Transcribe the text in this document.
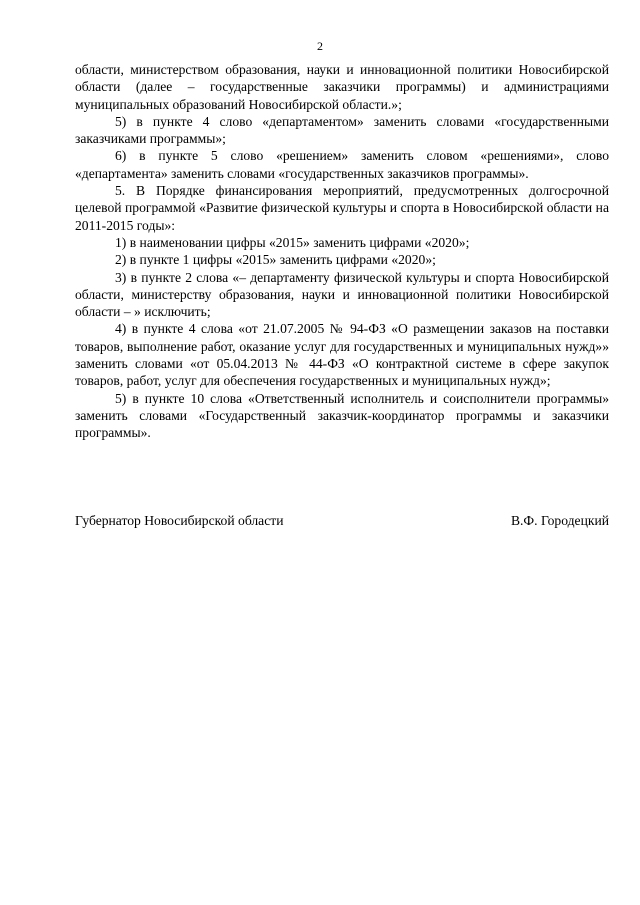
2

области, министерством образования, науки и инновационной политики Новосибирской области (далее – государственные заказчики программы) и администрациями муниципальных образований Новосибирской области.»;

5) в пункте 4 слово «департаментом» заменить словами «государственными заказчиками программы»;

6) в пункте 5 слово «решением» заменить словом «решениями», слово «департамента» заменить словами «государственных заказчиков программы».

5. В Порядке финансирования мероприятий, предусмотренных долгосрочной целевой программой «Развитие физической культуры и спорта в Новосибирской области на 2011-2015 годы»:

1) в наименовании цифры «2015» заменить цифрами «2020»;

2) в пункте 1 цифры «2015» заменить цифрами «2020»;

3) в пункте 2 слова «– департаменту физической культуры и спорта Новосибирской области, министерству образования, науки и инновационной политики Новосибирской области – » исключить;

4) в пункте 4 слова «от 21.07.2005 № 94-ФЗ «О размещении заказов на поставки товаров, выполнение работ, оказание услуг для государственных и муниципальных нужд»» заменить словами «от 05.04.2013 № 44-ФЗ «О контрактной системе в сфере закупок товаров, работ, услуг для обеспечения государственных и муниципальных нужд»;

5) в пункте 10 слова «Ответственный исполнитель и соисполнители программы» заменить словами «Государственный заказчик-координатор программы и заказчики программы».

Губернатор Новосибирской области	В.Ф. Городецкий
